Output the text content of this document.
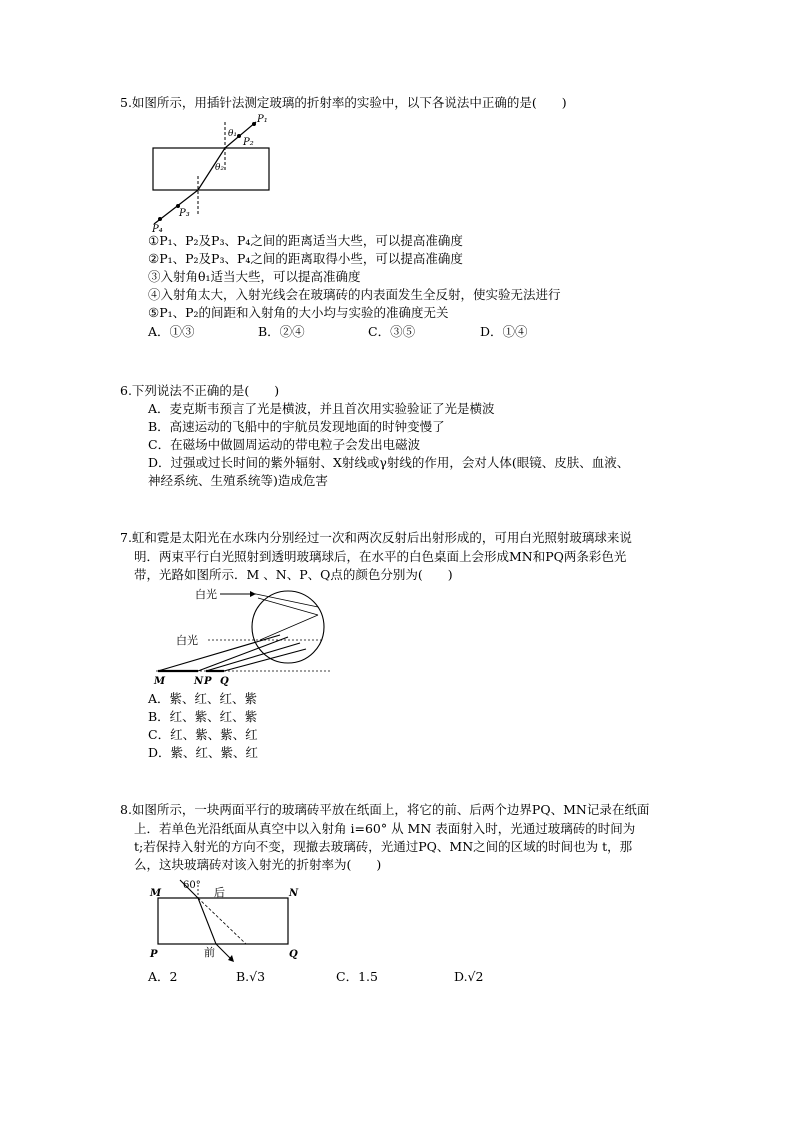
5.如图所示，用插针法测定玻璃的折射率的实验中，以下各说法中正确的是(　　)
P₁
P₂
P₃
P₄
θ₁
θ₂
①P₁、P₂及P₃、P₄之间的距离适当大些，可以提高准确度
②P₁、P₂及P₃、P₄之间的距离取得小些，可以提高准确度
③入射角θ₁适当大些，可以提高准确度
④入射角太大，入射光线会在玻璃砖的内表面发生全反射，使实验无法进行
⑤P₁、P₂的间距和入射角的大小均与实验的准确度无关
A．①③	B．②④	C．③⑤	D．①④
6.下列说法不正确的是(　　)
A．麦克斯韦预言了光是横波，并且首次用实验验证了光是横波
B．高速运动的飞船中的宇航员发现地面的时钟变慢了
C．在磁场中做圆周运动的带电粒子会发出电磁波
D．过强或过长时间的紫外辐射、X射线或γ射线的作用，会对人体(眼镜、皮肤、血液、
神经系统、生殖系统等)造成危害
7.虹和霓是太阳光在水珠内分别经过一次和两次反射后出射形成的，可用白光照射玻璃球来说
明．两束平行白光照射到透明玻璃球后，在水平的白色桌面上会形成MN和PQ两条彩色光
带，光路如图所示．M 、N、P、Q点的颜色分别为(　　)
白光
白光
M	N P Q
A．紫、红、红、紫
B．红、紫、红、紫
C．红、紫、紫、红
D．紫、红、紫、红
8.如图所示，一块两面平行的玻璃砖平放在纸面上，将它的前、后两个边界PQ、MN记录在纸面
上．若单色光沿纸面从真空中以入射角 i=60° 从 MN 表面射入时，光通过玻璃砖的时间为
t;若保持入射光的方向不变，现撤去玻璃砖，光通过PQ、MN之间的区域的时间也为 t，那
么，这块玻璃砖对该入射光的折射率为(　　)
60°
后
前
M	N
P	Q
A．2	B.√3	C．1.5	D.√2
